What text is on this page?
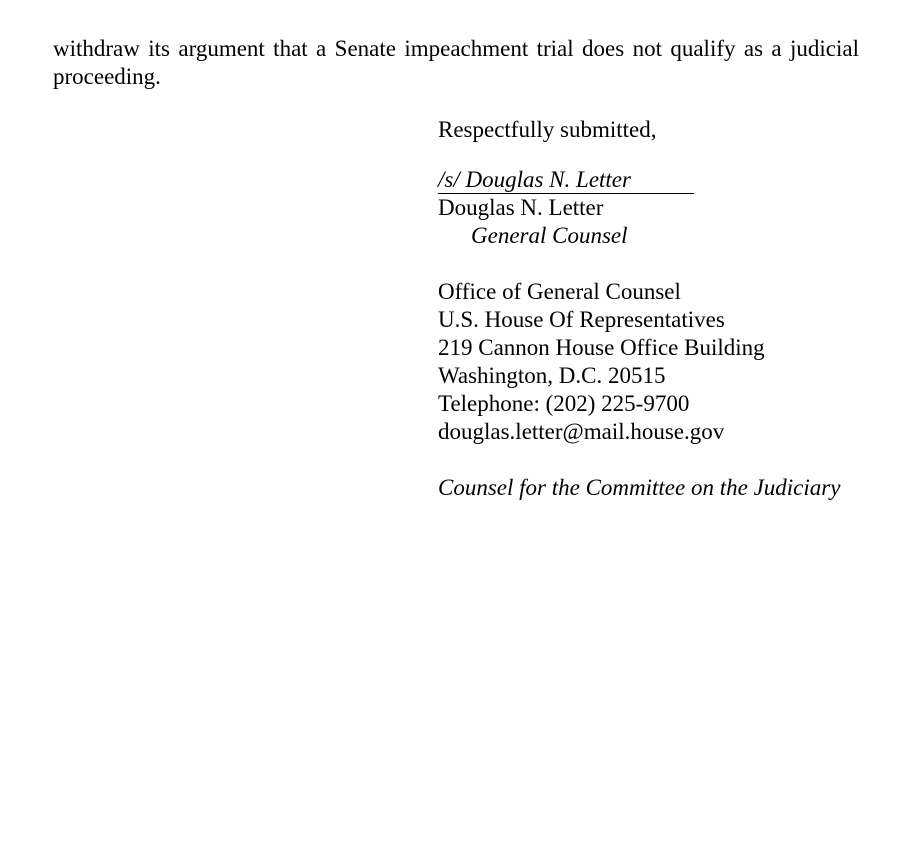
withdraw its argument that a Senate impeachment trial does not qualify as a judicial proceeding.

Respectfully submitted,
/s/ Douglas N. Letter
Douglas N. Letter
General Counsel
Office of General Counsel
U.S. House Of Representatives
219 Cannon House Office Building
Washington, D.C. 20515
Telephone: (202) 225-9700
douglas.letter@mail.house.gov
Counsel for the Committee on the Judiciary
